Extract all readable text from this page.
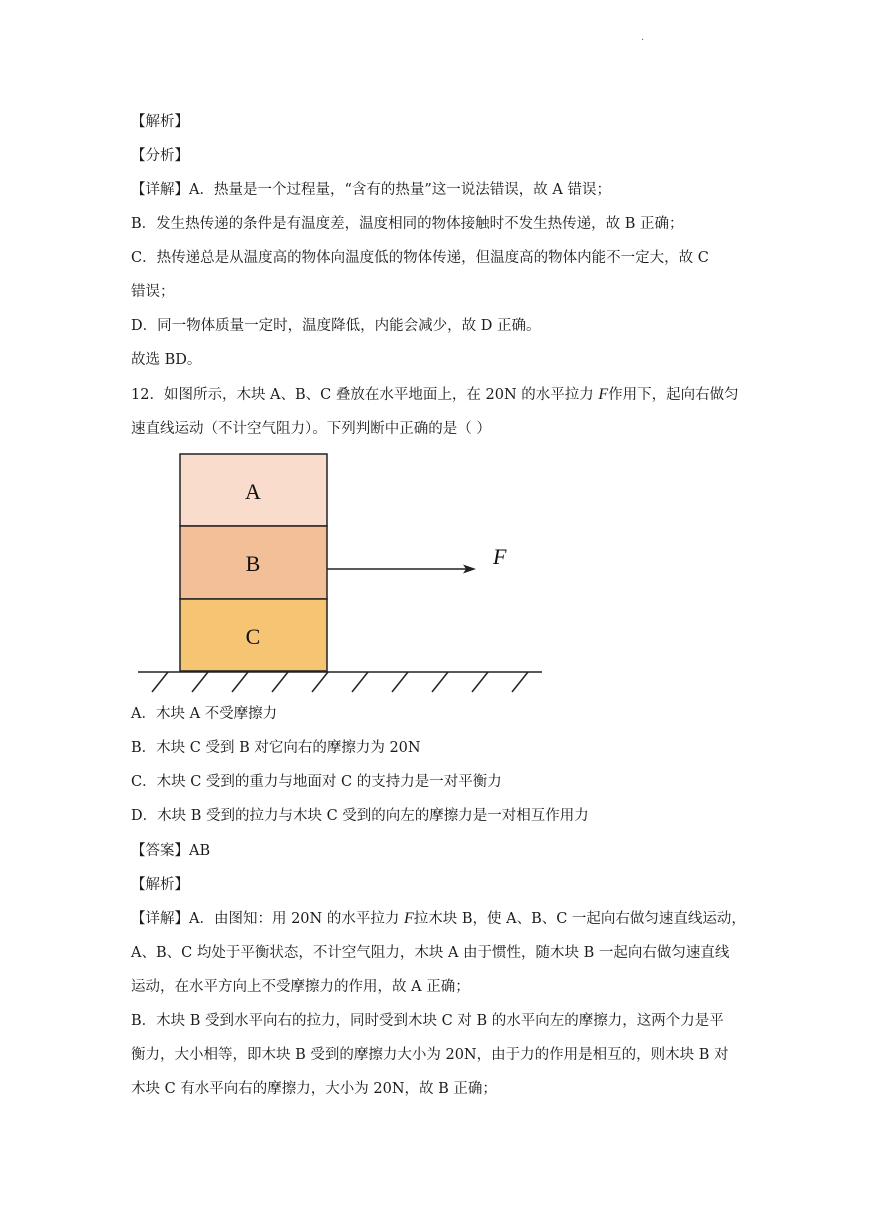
.
【解析】
【分析】
【详解】A．热量是一个过程量，“含有的热量”这一说法错误，故 A 错误；
B．发生热传递的条件是有温度差，温度相同的物体接触时不发生热传递，故 B 正确；
C．热传递总是从温度高的物体向温度低的物体传递，但温度高的物体内能不一定大，故 C
错误；
D．同一物体质量一定时，温度降低，内能会减少，故 D 正确。
故选 BD。
12．如图所示，木块 A、B、C 叠放在水平地面上，在 20N 的水平拉力 F作用下，起向右做匀
速直线运动（不计空气阻力）。下列判断中正确的是（ ）
A
B
C
F
A．木块 A 不受摩擦力
B．木块 C 受到 B 对它向右的摩擦力为 20N
C．木块 C 受到的重力与地面对 C 的支持力是一对平衡力
D．木块 B 受到的拉力与木块 C 受到的向左的摩擦力是一对相互作用力
【答案】AB
【解析】
【详解】A．由图知：用 20N 的水平拉力 F拉木块 B，使 A、B、C 一起向右做匀速直线运动，
A、B、C 均处于平衡状态，不计空气阻力，木块 A 由于惯性，随木块 B 一起向右做匀速直线
运动，在水平方向上不受摩擦力的作用，故 A 正确；
B．木块 B 受到水平向右的拉力，同时受到木块 C 对 B 的水平向左的摩擦力，这两个力是平
衡力，大小相等，即木块 B 受到的摩擦力大小为 20N，由于力的作用是相互的，则木块 B 对
木块 C 有水平向右的摩擦力，大小为 20N，故 B 正确；
